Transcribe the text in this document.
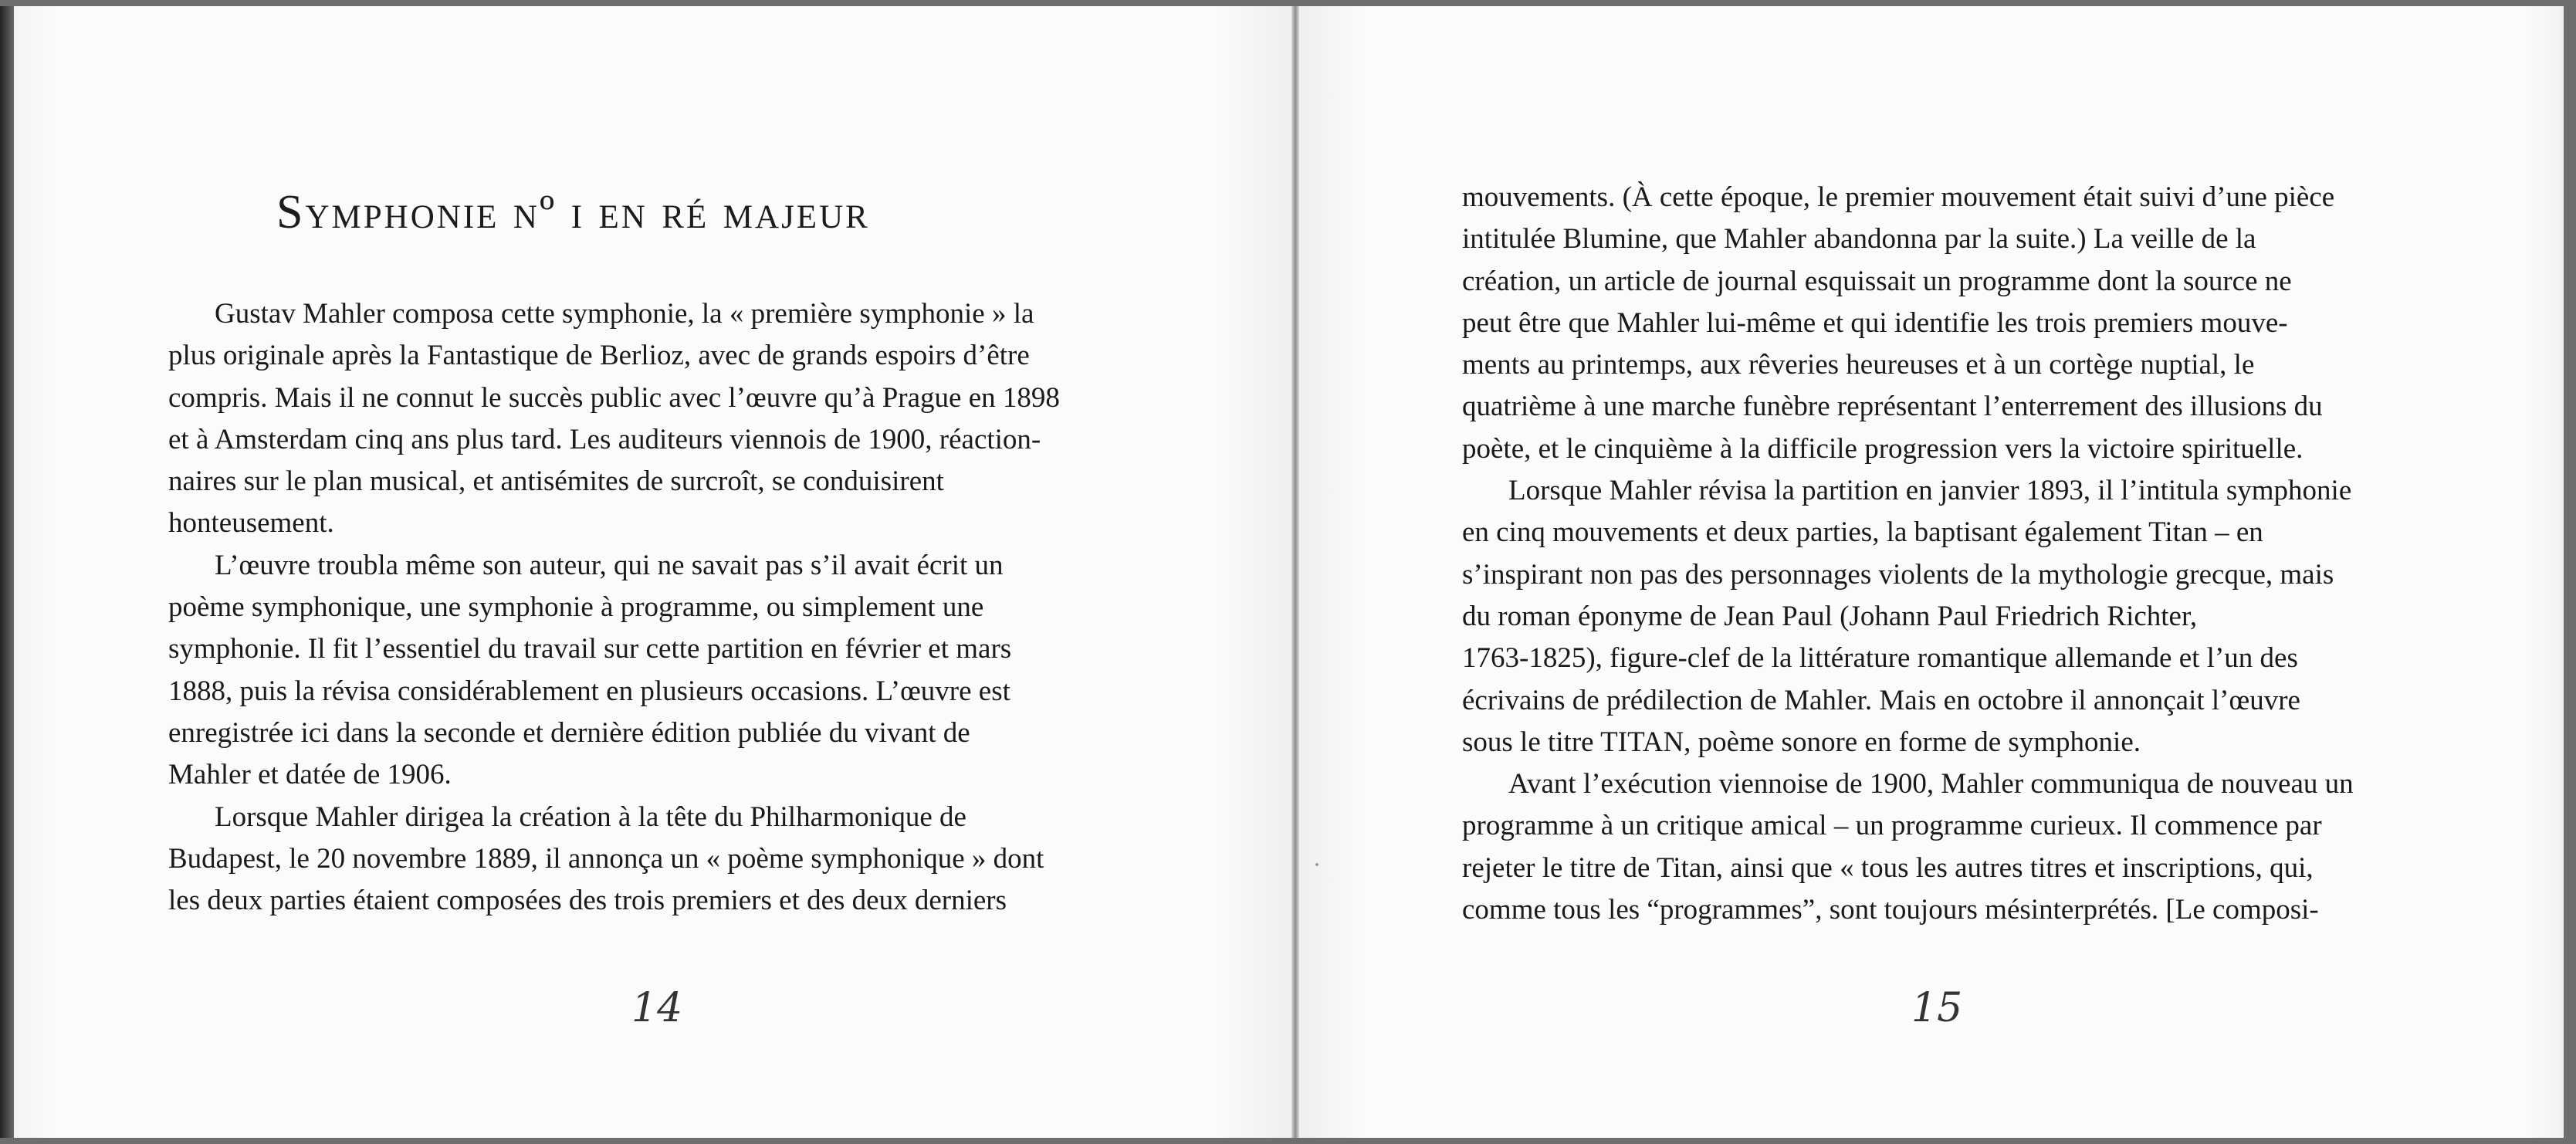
Symphonie nº i en ré majeur
Gustav Mahler composa cette symphonie, la « première symphonie » la
plus originale après la Fantastique de Berlioz, avec de grands espoirs d’être
compris. Mais il ne connut le succès public avec l’œuvre qu’à Prague en 1898
et à Amsterdam cinq ans plus tard. Les auditeurs viennois de 1900, réaction-
naires sur le plan musical, et antisémites de surcroît, se conduisirent
honteusement.
L’œuvre troubla même son auteur, qui ne savait pas s’il avait écrit un
poème symphonique, une symphonie à programme, ou simplement une
symphonie. Il fit l’essentiel du travail sur cette partition en février et mars
1888, puis la révisa considérablement en plusieurs occasions. L’œuvre est
enregistrée ici dans la seconde et dernière édition publiée du vivant de
Mahler et datée de 1906.
Lorsque Mahler dirigea la création à la tête du Philharmonique de
Budapest, le 20 novembre 1889, il annonça un « poème symphonique » dont
les deux parties étaient composées des trois premiers et des deux derniers
14
mouvements. (À cette époque, le premier mouvement était suivi d’une pièce
intitulée Blumine, que Mahler abandonna par la suite.) La veille de la
création, un article de journal esquissait un programme dont la source ne
peut être que Mahler lui-même et qui identifie les trois premiers mouve-
ments au printemps, aux rêveries heureuses et à un cortège nuptial, le
quatrième à une marche funèbre représentant l’enterrement des illusions du
poète, et le cinquième à la difficile progression vers la victoire spirituelle.
Lorsque Mahler révisa la partition en janvier 1893, il l’intitula symphonie
en cinq mouvements et deux parties, la baptisant également Titan – en
s’inspirant non pas des personnages violents de la mythologie grecque, mais
du roman éponyme de Jean Paul (Johann Paul Friedrich Richter,
1763-1825), figure-clef de la littérature romantique allemande et l’un des
écrivains de prédilection de Mahler. Mais en octobre il annonçait l’œuvre
sous le titre TITAN, poème sonore en forme de symphonie.
Avant l’exécution viennoise de 1900, Mahler communiqua de nouveau un
programme à un critique amical – un programme curieux. Il commence par
rejeter le titre de Titan, ainsi que « tous les autres titres et inscriptions, qui,
comme tous les “programmes”, sont toujours mésinterprétés. [Le composi-
15
